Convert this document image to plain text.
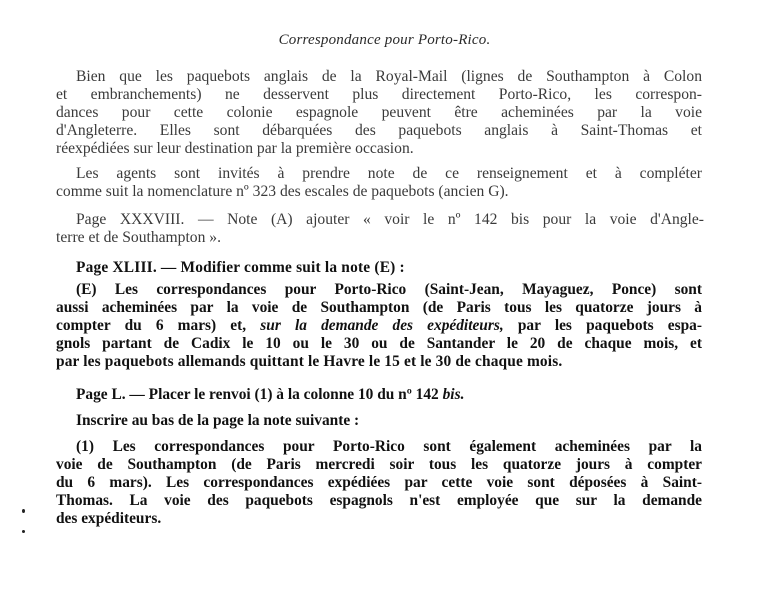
Correspondance pour Porto-Rico.
Bien que les paquebots anglais de la Royal-Mail (lignes de Southampton à Colon
et embranchements) ne desservent plus directement Porto-Rico, les correspon-
dances pour cette colonie espagnole peuvent être acheminées par la voie
d'Angleterre. Elles sont débarquées des paquebots anglais à Saint-Thomas et
réexpédiées sur leur destination par la première occasion.
Les agents sont invités à prendre note de ce renseignement et à compléter
comme suit la nomenclature nº 323 des escales de paquebots (ancien G).
Page XXXVIII. — Note (A) ajouter « voir le nº 142 bis pour la voie d'Angle-
terre et de Southampton ».
Page XLIII. — Modifier comme suit la note (E) :
(E) Les correspondances pour Porto-Rico (Saint-Jean, Mayaguez, Ponce) sont
aussi acheminées par la voie de Southampton (de Paris tous les quatorze jours à
compter du 6 mars) et, sur la demande des expéditeurs, par les paquebots espa-
gnols partant de Cadix le 10 ou le 30 ou de Santander le 20 de chaque mois, et
par les paquebots allemands quittant le Havre le 15 et le 30 de chaque mois.
Page L. — Placer le renvoi (1) à la colonne 10 du nº 142 bis.
Inscrire au bas de la page la note suivante :
(1) Les correspondances pour Porto-Rico sont également acheminées par la
voie de Southampton (de Paris mercredi soir tous les quatorze jours à compter
du 6 mars). Les correspondances expédiées par cette voie sont déposées à Saint-
Thomas. La voie des paquebots espagnols n'est employée que sur la demande
des expéditeurs.
